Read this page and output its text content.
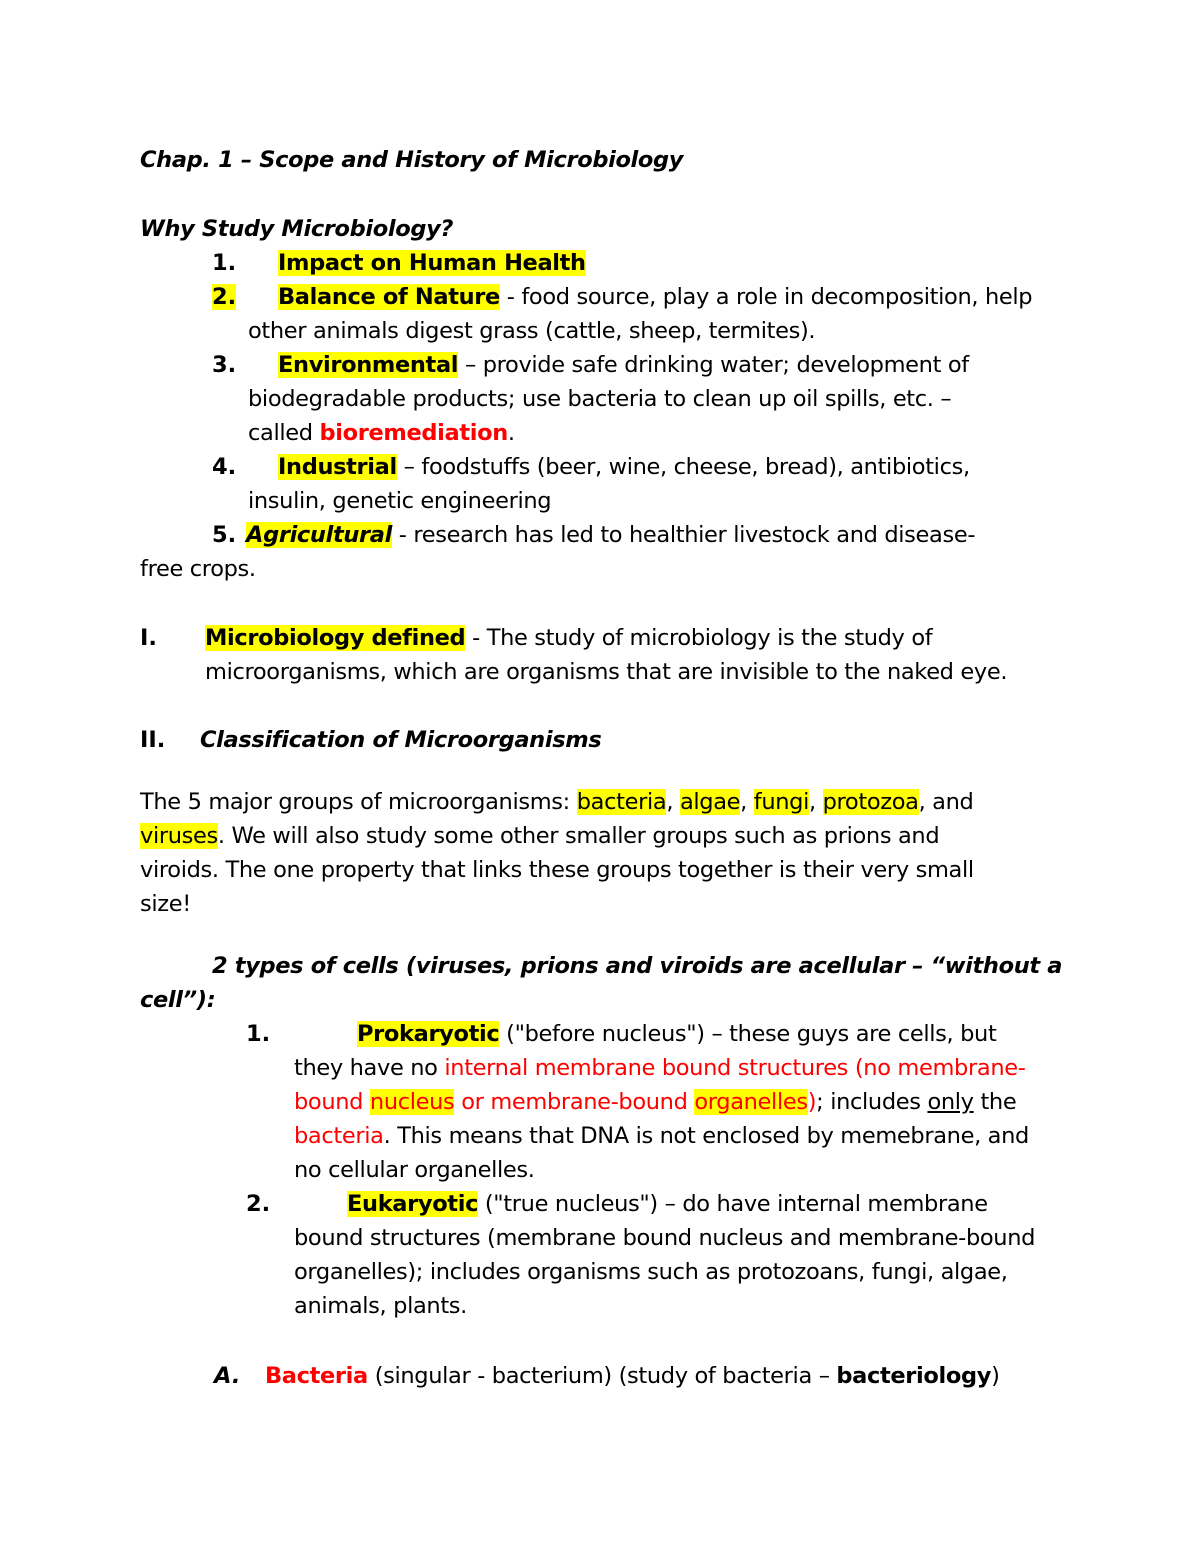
Chap. 1 – Scope and History of Microbiology
Why Study Microbiology?
1. Impact on Human Health
2. Balance of Nature - food source, play a role in decomposition, help
other animals digest grass (cattle, sheep, termites).
3. Environmental – provide safe drinking water; development of
biodegradable products; use bacteria to clean up oil spills, etc. –
called bioremediation.
4. Industrial – foodstuffs (beer, wine, cheese, bread), antibiotics,
insulin, genetic engineering
5. Agricultural - research has led to healthier livestock and disease-
free crops.
I. Microbiology defined - The study of microbiology is the study of
microorganisms, which are organisms that are invisible to the naked eye.
II. Classification of Microorganisms
The 5 major groups of microorganisms: bacteria, algae, fungi, protozoa, and
viruses. We will also study some other smaller groups such as prions and
viroids. The one property that links these groups together is their very small
size!
2 types of cells (viruses, prions and viroids are acellular – “without a
cell”):
1.	Prokaryotic ("before nucleus") – these guys are cells, but
they have no internal membrane bound structures (no membrane-
bound nucleus or membrane-bound organelles); includes only the
bacteria. This means that DNA is not enclosed by memebrane, and
no cellular organelles.
2.	Eukaryotic ("true nucleus") – do have internal membrane
bound structures (membrane bound nucleus and membrane-bound
organelles); includes organisms such as protozoans, fungi, algae,
animals, plants.
A. Bacteria (singular - bacterium) (study of bacteria – bacteriology)
